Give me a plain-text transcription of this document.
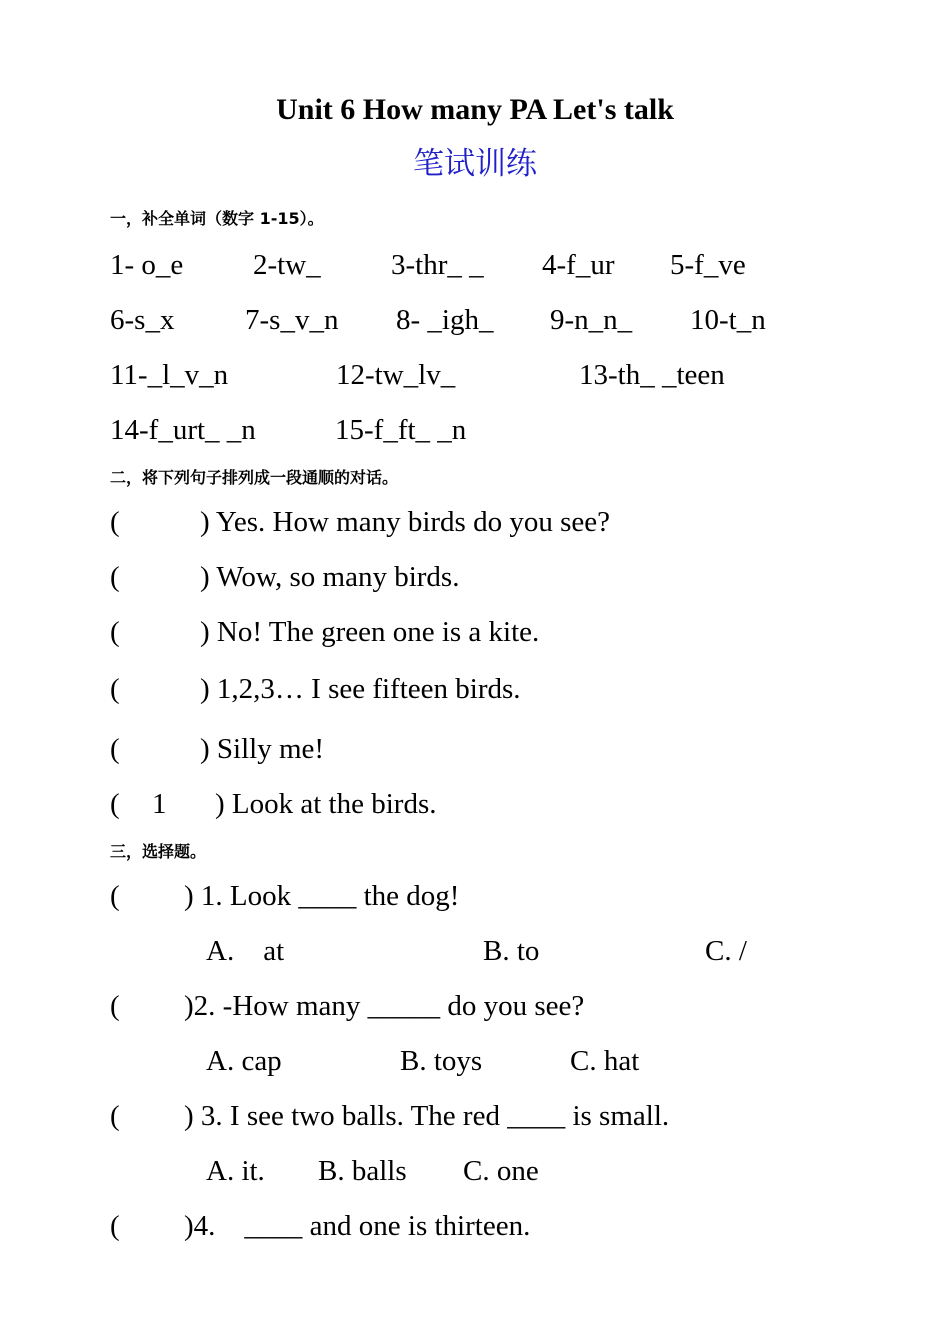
Unit 6 How many PA Let's talk
笔试训练
一，补全单词（数字 1-15）。
1- o_e 2-tw_ 3-thr_ _ 4-f_ur 5-f_ve
6-s_x 7-s_v_n 8- _igh_ 9-n_n_ 10-t_n
11-_l_v_n	12-tw_lv_	13-th_ _teen
14-f_urt_ _n	15-f_ft_ _n
二，将下列句子排列成一段通顺的对话。
(	) Yes. How many birds do you see?
(	) Wow, so many birds.
(	) No! The green one is a kite.
(	) 1,2,3… I see fifteen birds.
(	) Silly me!
( 1 ) Look at the birds.
三，选择题。
( ) 1. Look ____ the dog!
A.    at	B. to	C. /
( )2. -How many _____ do you see?
A. cap	B. toys	C. hat
( ) 3. I see two balls. The red ____ is small.
A. it. B. balls C. one
( )4.    ____ and one is thirteen.
